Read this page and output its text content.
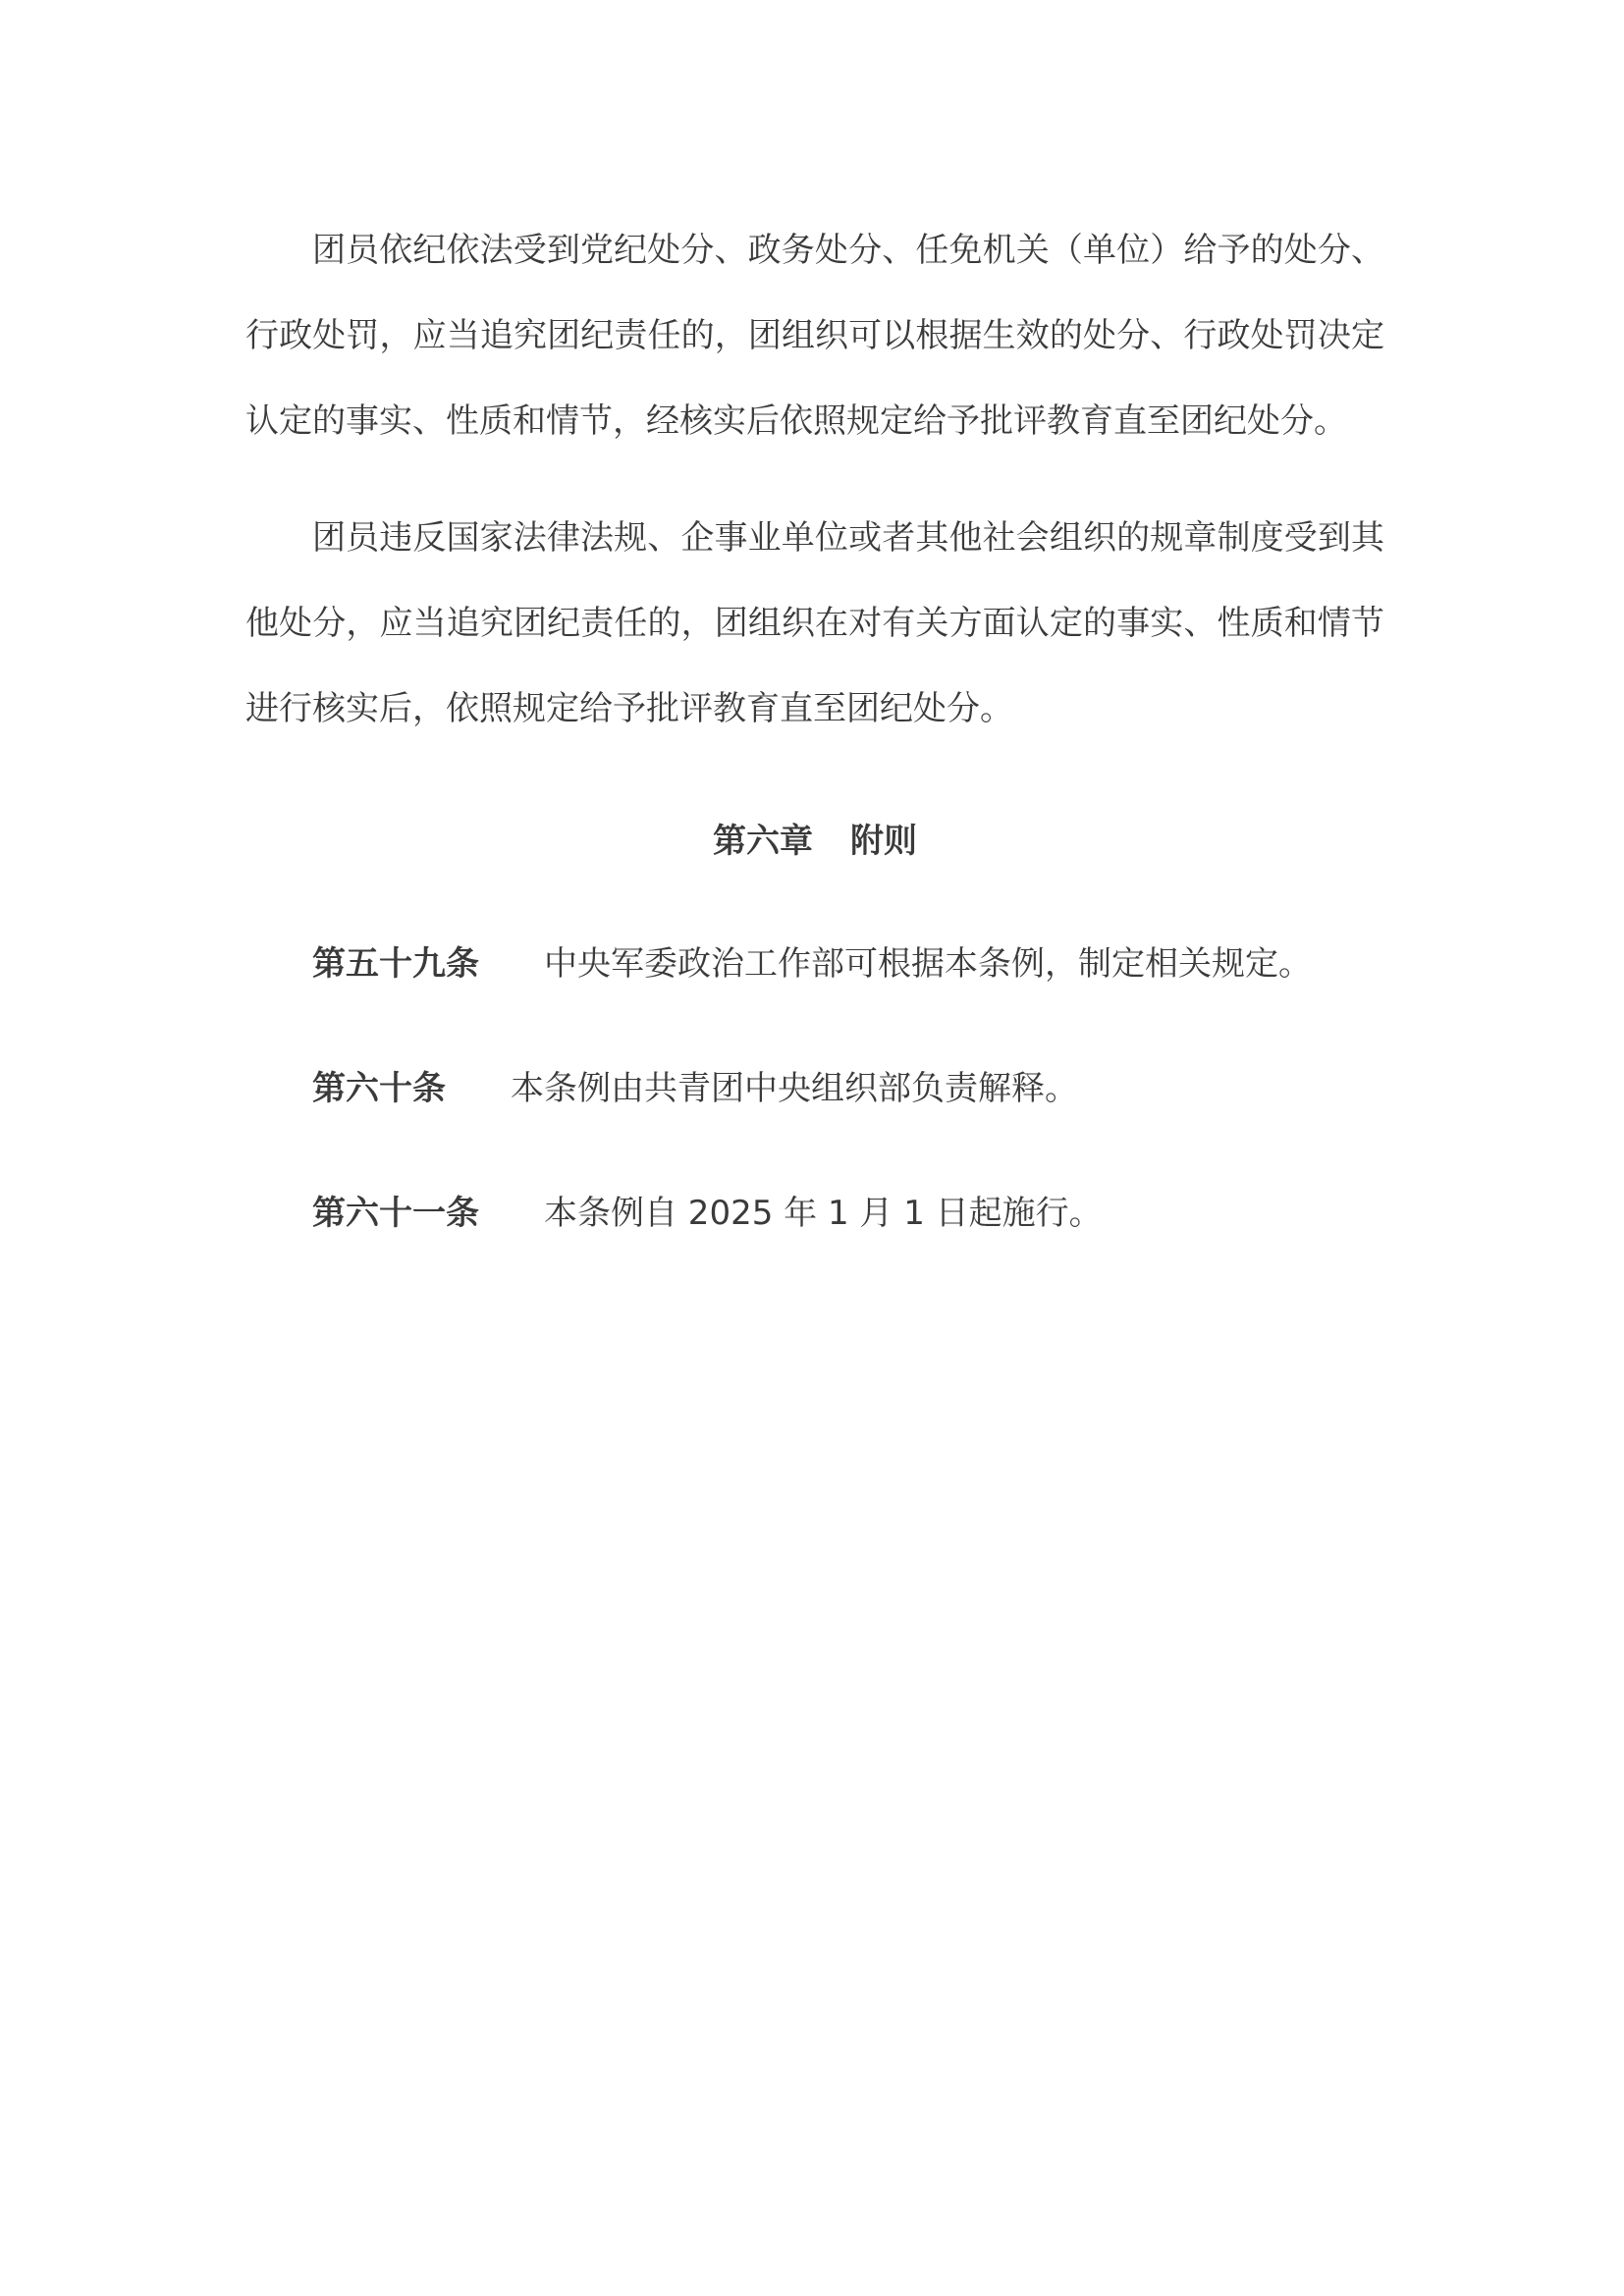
团员依纪依法受到党纪处分、政务处分、任免机关（单位）给予的处分、行政处罚，应当追究团纪责任的，团组织可以根据生效的处分、行政处罚决定认定的事实、性质和情节，经核实后依照规定给予批评教育直至团纪处分。

团员违反国家法律法规、企事业单位或者其他社会组织的规章制度受到其他处分，应当追究团纪责任的，团组织在对有关方面认定的事实、性质和情节进行核实后，依照规定给予批评教育直至团纪处分。

第六章 附则
第五十九条 中央军委政治工作部可根据本条例，制定相关规定。
第六十条 本条例由共青团中央组织部负责解释。
第六十一条 本条例自 2025 年 1 月 1 日起施行。
